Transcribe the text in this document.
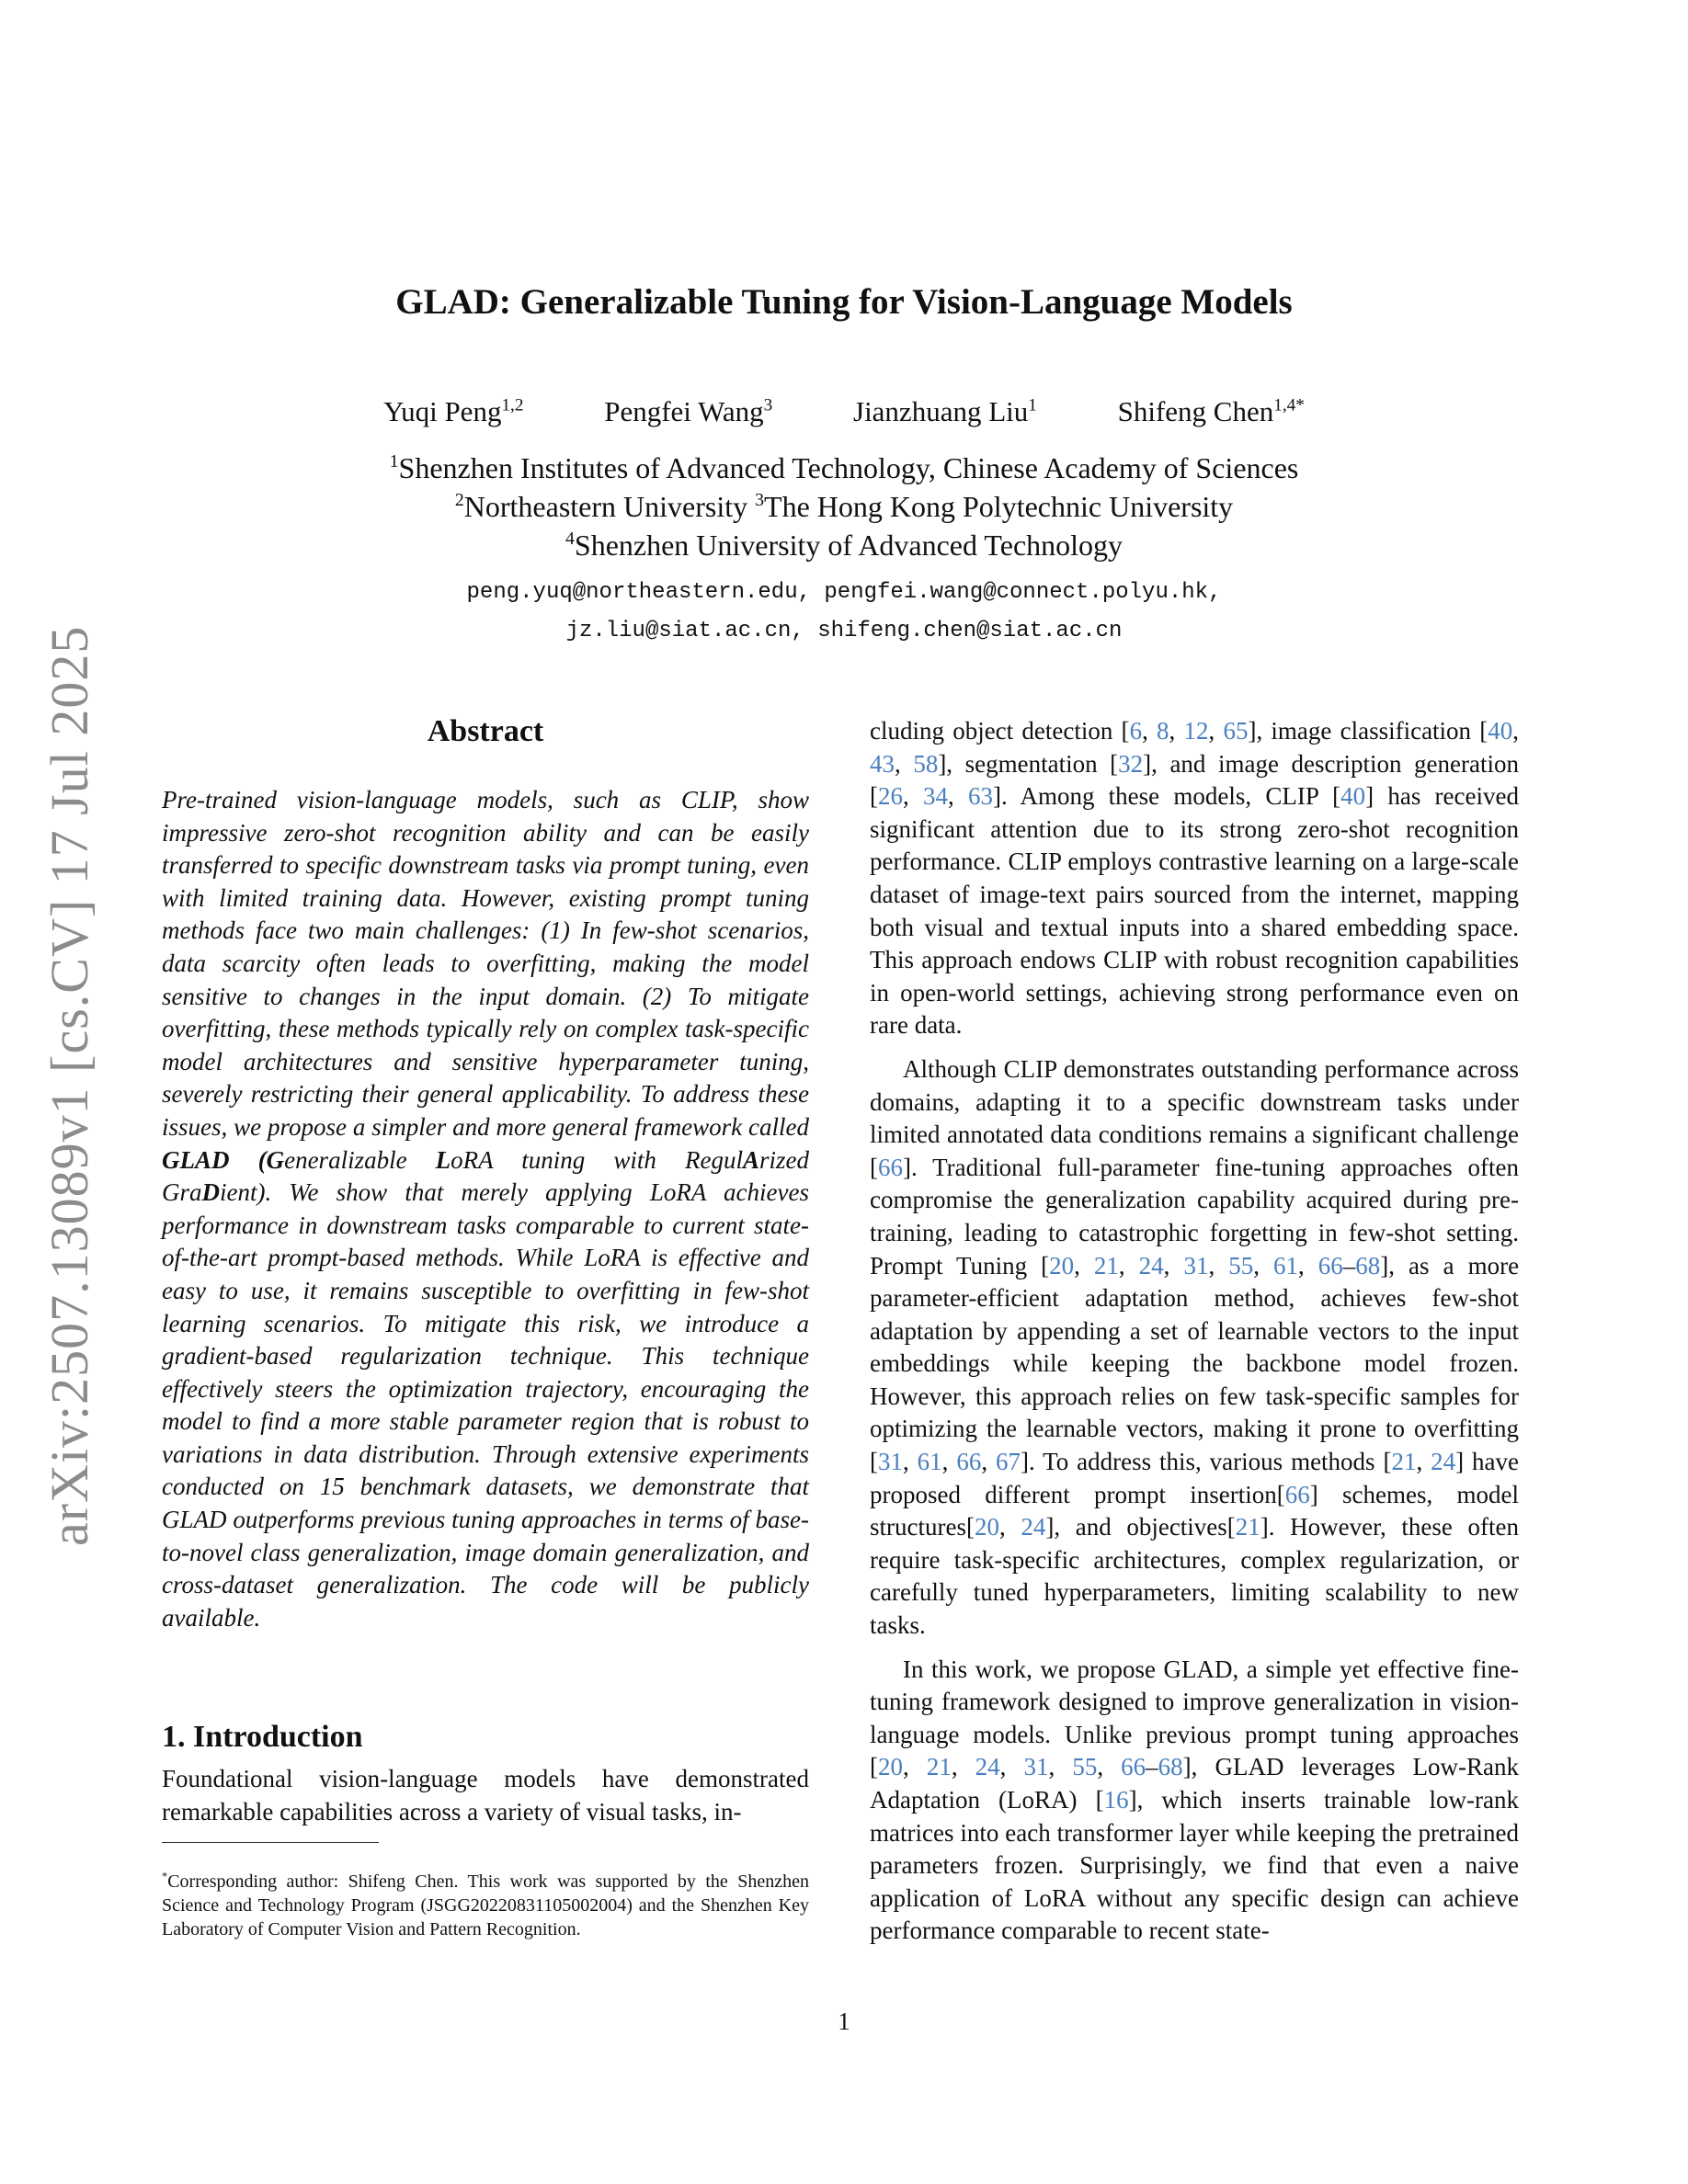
arXiv:2507.13089v1 [cs.CV] 17 Jul 2025
GLAD: Generalizable Tuning for Vision-Language Models
Yuqi Peng$^{1,2}$	Pengfei Wang$^3$	Jianzhuang Liu$^1$	Shifeng Chen$^{1,4*}$
$^1$Shenzhen Institutes of Advanced Technology, Chinese Academy of Sciences
$^2$Northeastern University $^3$The Hong Kong Polytechnic University
$^4$Shenzhen University of Advanced Technology
peng.yuq@northeastern.edu, pengfei.wang@connect.polyu.hk,
jz.liu@siat.ac.cn, shifeng.chen@siat.ac.cn
Abstract

Pre-trained vision-language models, such as CLIP, show impressive zero-shot recognition ability and can be easily transferred to specific downstream tasks via prompt tuning, even with limited training data. However, existing prompt tuning methods face two main challenges: (1) In few-shot scenarios, data scarcity often leads to overfitting, making the model sensitive to changes in the input domain. (2) To mitigate overfitting, these methods typically rely on complex task-specific model architectures and sensitive hyperparameter tuning, severely restricting their general applicability. To address these issues, we propose a simpler and more general framework called GLAD (Generalizable LoRA tuning with RegulArized GraDient). We show that merely applying LoRA achieves performance in downstream tasks comparable to current state-of-the-art prompt-based methods. While LoRA is effective and easy to use, it remains susceptible to overfitting in few-shot learning scenarios. To mitigate this risk, we introduce a gradient-based regularization technique. This technique effectively steers the optimization trajectory, encouraging the model to find a more stable parameter region that is robust to variations in data distribution. Through extensive experiments conducted on 15 benchmark datasets, we demonstrate that GLAD outperforms previous tuning approaches in terms of base-to-novel class generalization, image domain generalization, and cross-dataset generalization. The code will be publicly available.

1. Introduction

Foundational vision-language models have demonstrated remarkable capabilities across a variety of visual tasks, in-

*Corresponding author: Shifeng Chen. This work was supported by the Shenzhen Science and Technology Program (JSGG20220831105002004) and the Shenzhen Key Laboratory of Computer Vision and Pattern Recognition.

cluding object detection [6, 8, 12, 65], image classification [40, 43, 58], segmentation [32], and image description generation [26, 34, 63]. Among these models, CLIP [40] has received significant attention due to its strong zero-shot recognition performance. CLIP employs contrastive learning on a large-scale dataset of image-text pairs sourced from the internet, mapping both visual and textual inputs into a shared embedding space. This approach endows CLIP with robust recognition capabilities in open-world settings, achieving strong performance even on rare data.

Although CLIP demonstrates outstanding performance across domains, adapting it to a specific downstream tasks under limited annotated data conditions remains a significant challenge [66]. Traditional full-parameter fine-tuning approaches often compromise the generalization capability acquired during pre-training, leading to catastrophic forgetting in few-shot setting. Prompt Tuning [20, 21, 24, 31, 55, 61, 66–68], as a more parameter-efficient adaptation method, achieves few-shot adaptation by appending a set of learnable vectors to the input embeddings while keeping the backbone model frozen. However, this approach relies on few task-specific samples for optimizing the learnable vectors, making it prone to overfitting [31, 61, 66, 67]. To address this, various methods [21, 24] have proposed different prompt insertion[66] schemes, model structures[20, 24], and objectives[21]. However, these often require task-specific architectures, complex regularization, or carefully tuned hyperparameters, limiting scalability to new tasks.

In this work, we propose GLAD, a simple yet effective fine-tuning framework designed to improve generalization in vision-language models. Unlike previous prompt tuning approaches [20, 21, 24, 31, 55, 66–68], GLAD leverages Low-Rank Adaptation (LoRA) [16], which inserts trainable low-rank matrices into each transformer layer while keeping the pretrained parameters frozen. Surprisingly, we find that even a naive application of LoRA without any specific design can achieve performance comparable to recent state-

1
